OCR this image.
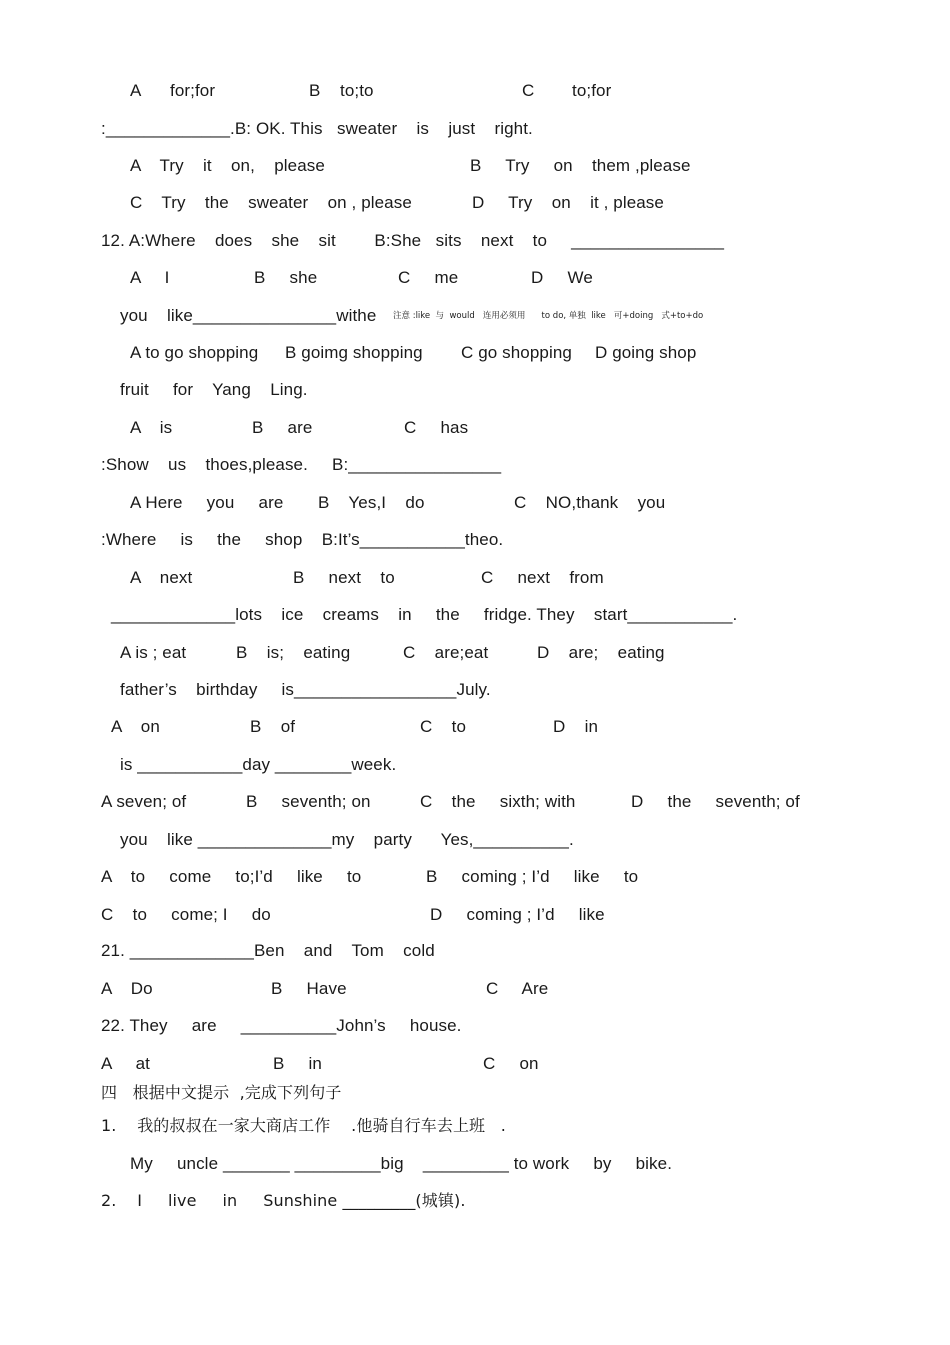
A for;for	B to;to	C to;for
:_____________.B: OK. This   sweater    is    just    right.
A    Try    it    on,    please	B     Try     on    them ,please
C    Try    the    sweater    on , please	D     Try    on    it , please
12. A:Where    does    she    sit        B:She   sits    next    to     ________________
A     I	B     she	C     me	D     We
you    like_______________withe 注意 :like  与  would   连用必须用      to do, 单独  like   可+doing   式+to+do
A to go shopping B goimg shopping C go shopping D going shop
fruit     for    Yang    Ling.
A    is	B     are	C     has
:Show    us    thoes,please.     B:________________
A Here     you     are B    Yes,I    do	C    NO,thank    you
:Where     is     the     shop    B:It’s___________theo.
A    next	B     next    to	C     next    from
_____________lots    ice    creams    in     the     fridge. They    start___________.
A is ; eat	B    is;    eating	C    are;eat	D    are;    eating
father’s    birthday     is_________________July.
A    on	B    of	C    to	D    in
is ___________day ________week.
A seven; of	B     seventh; on	C    the     sixth; with	D     the     seventh; of
you    like ______________my    party      Yes,__________.
A    to     come     to;I’d     like     to	B     coming ; I’d     like     to
C    to     come; I     do	D     coming ; I’d     like
21. _____________Ben    and    Tom    cold
A    Do	B     Have	C     Are
22. They     are     __________John’s     house.
A     at	B     in	C     on
四   根据中文提示  ,完成下列句子
1.    我的叔叔在一家大商店工作    .他骑自行车去上班   .
My     uncle _______ _________big    _________ to work     by     bike.
2.    I     live     in     Sunshine _________(城镇).
